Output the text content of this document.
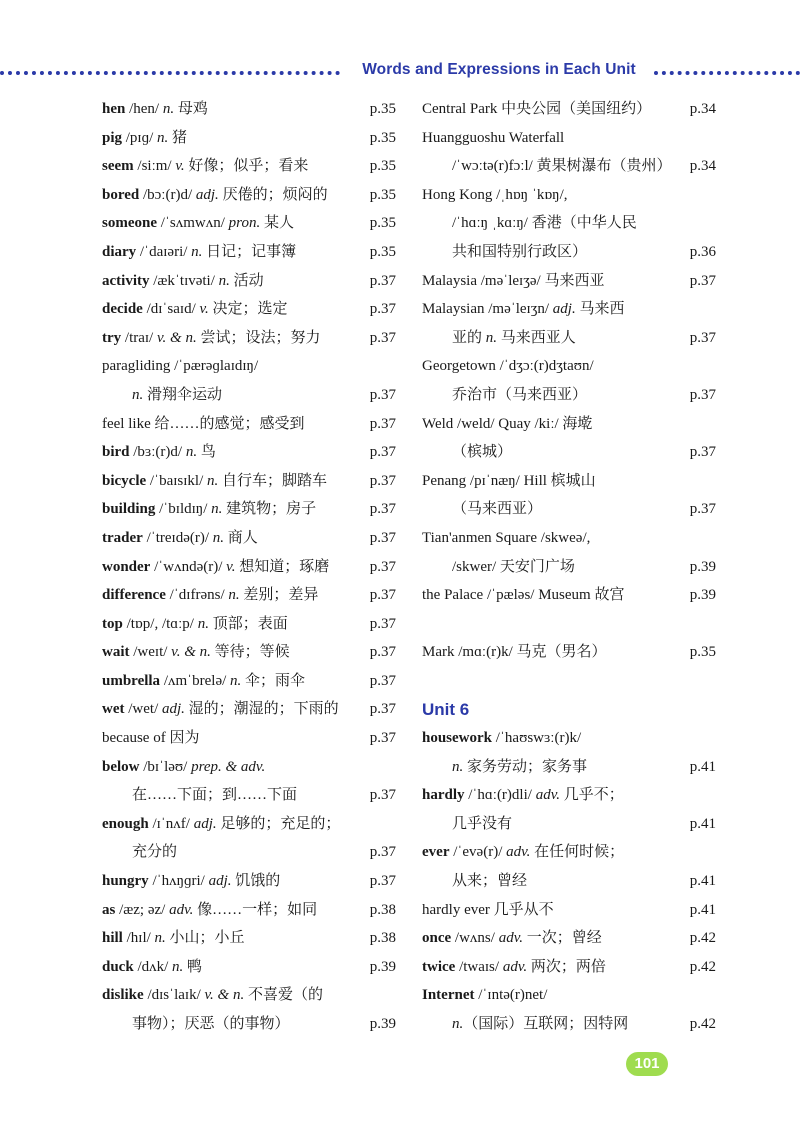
Words and Expressions in Each Unit
hen /hen/ n. 母鸡	p.35
pig /pɪɡ/ n. 猪	p.35
seem /siːm/ v. 好像；似乎；看来	p.35
bored /bɔː(r)d/ adj. 厌倦的；烦闷的	p.35
someone /ˈsʌmwʌn/ pron. 某人	p.35
diary /ˈdaɪəri/ n. 日记；记事簿	p.35
activity /ækˈtɪvəti/ n. 活动	p.37
decide /dɪˈsaɪd/ v. 决定；选定	p.37
try /traɪ/ v. & n. 尝试；设法；努力	p.37
paragliding /ˈpærəɡlaɪdɪŋ/
n. 滑翔伞运动	p.37
feel like 给……的感觉；感受到	p.37
bird /bɜː(r)d/ n. 鸟	p.37
bicycle /ˈbaɪsɪkl/ n. 自行车；脚踏车	p.37
building /ˈbɪldɪŋ/ n. 建筑物；房子	p.37
trader /ˈtreɪdə(r)/ n. 商人	p.37
wonder /ˈwʌndə(r)/ v. 想知道；琢磨	p.37
difference /ˈdɪfrəns/ n. 差别；差异	p.37
top /tɒp/, /tɑːp/ n. 顶部；表面	p.37
wait /weɪt/ v. & n. 等待；等候	p.37
umbrella /ʌmˈbrelə/ n. 伞；雨伞	p.37
wet /wet/ adj. 湿的；潮湿的；下雨的 p.37
because of 因为	p.37
below /bɪˈləʊ/ prep. & adv.
在……下面；到……下面	p.37
enough /ɪˈnʌf/ adj. 足够的；充足的；
充分的	p.37
hungry /ˈhʌŋɡri/ adj. 饥饿的	p.37
as /æz; əz/ adv. 像……一样；如同	p.38
hill /hɪl/ n. 小山；小丘	p.38
duck /dʌk/ n. 鸭	p.39
dislike /dɪsˈlaɪk/ v. & n. 不喜爱（的
事物）；厌恶（的事物）	p.39
Central Park 中央公园（美国纽约）	p.34
Huangguoshu Waterfall
/ˈwɔːtə(r)fɔːl/ 黄果树瀑布（贵州） p.34
Hong Kong /ˌhɒŋ ˈkɒŋ/,
/ˈhɑːŋ ˌkɑːŋ/ 香港（中华人民
共和国特别行政区）	p.36
Malaysia /məˈleɪʒə/ 马来西亚	p.37
Malaysian /məˈleɪʒn/ adj. 马来西
亚的 n. 马来西亚人	p.37
Georgetown /ˈdʒɔː(r)dʒtaʊn/
乔治市（马来西亚）	p.37
Weld /weld/ Quay /kiː/ 海墘
（槟城）	p.37
Penang /pɪˈnæŋ/ Hill 槟城山
（马来西亚）	p.37
Tian'anmen Square /skweə/,
/skwer/ 天安门广场	p.39
the Palace /ˈpæləs/ Museum 故宫	p.39
Mark /mɑː(r)k/ 马克（男名）	p.35
Unit 6
housework /ˈhaʊswɜː(r)k/
n. 家务劳动；家务事	p.41
hardly /ˈhɑː(r)dli/ adv. 几乎不；
几乎没有	p.41
ever /ˈevə(r)/ adv. 在任何时候；
从来；曾经	p.41
hardly ever 几乎从不	p.41
once /wʌns/ adv. 一次；曾经	p.42
twice /twaɪs/ adv. 两次；两倍	p.42
Internet /ˈɪntə(r)net/
n.（国际）互联网；因特网	p.42
101
